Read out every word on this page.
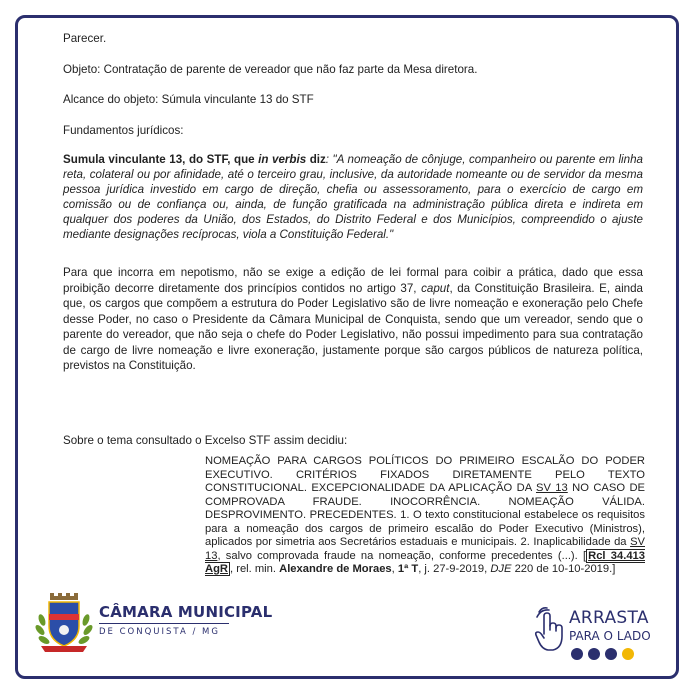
Parecer.

Objeto: Contratação de parente de vereador que não faz parte da Mesa diretora.

Alcance do objeto: Súmula vinculante 13 do STF

Fundamentos jurídicos:

Sumula vinculante 13, do STF, que in verbis diz: "A nomeação de cônjuge, companheiro ou parente em linha reta, colateral ou por afinidade, até o terceiro grau, inclusive, da autoridade nomeante ou de servidor da mesma pessoa jurídica investido em cargo de direção, chefia ou assessoramento, para o exercício de cargo em comissão ou de confiança ou, ainda, de função gratificada na administração pública direta e indireta em qualquer dos poderes da União, dos Estados, do Distrito Federal e dos Municípios, compreendido o ajuste mediante designações recíprocas, viola a Constituição Federal."

Para que incorra em nepotismo, não se exige a edição de lei formal para coibir a prática, dado que essa proibição decorre diretamente dos princípios contidos no artigo 37, caput, da Constituição Brasileira. E, ainda que, os cargos que compõem a estrutura do Poder Legislativo são de livre nomeação e exoneração pelo Chefe desse Poder, no caso o Presidente da Câmara Municipal de Conquista, sendo que um vereador, sendo que o parente do vereador, que não seja o chefe do Poder Legislativo, não possui impedimento para sua contratação de cargo de livre nomeação e livre exoneração, justamente porque são cargos públicos de natureza política, previstos na Constituição.

Sobre o tema consultado o Excelso STF assim decidiu:

NOMEAÇÃO PARA CARGOS POLÍTICOS DO PRIMEIRO ESCALÃO DO PODER EXECUTIVO. CRITÉRIOS FIXADOS DIRETAMENTE PELO TEXTO CONSTITUCIONAL. EXCEPCIONALIDADE DA APLICAÇÃO DA SV 13 NO CASO DE COMPROVADA FRAUDE. INOCORRÊNCIA. NOMEAÇÃO VÁLIDA. DESPROVIMENTO. PRECEDENTES. 1. O texto constitucional estabelece os requisitos para a nomeação dos cargos de primeiro escalão do Poder Executivo (Ministros), aplicados por simetria aos Secretários estaduais e municipais. 2. Inaplicabilidade da SV 13, salvo comprovada fraude na nomeação, conforme precedentes (...). [ Rcl 34.413 AgR , rel. min. Alexandre de Moraes, 1ª T, j. 27-9-2019, DJE 220 de 10-10-2019.]

CÂMARA MUNICIPAL
DE CONQUISTA / MG
ARRASTA
PARA O LADO
